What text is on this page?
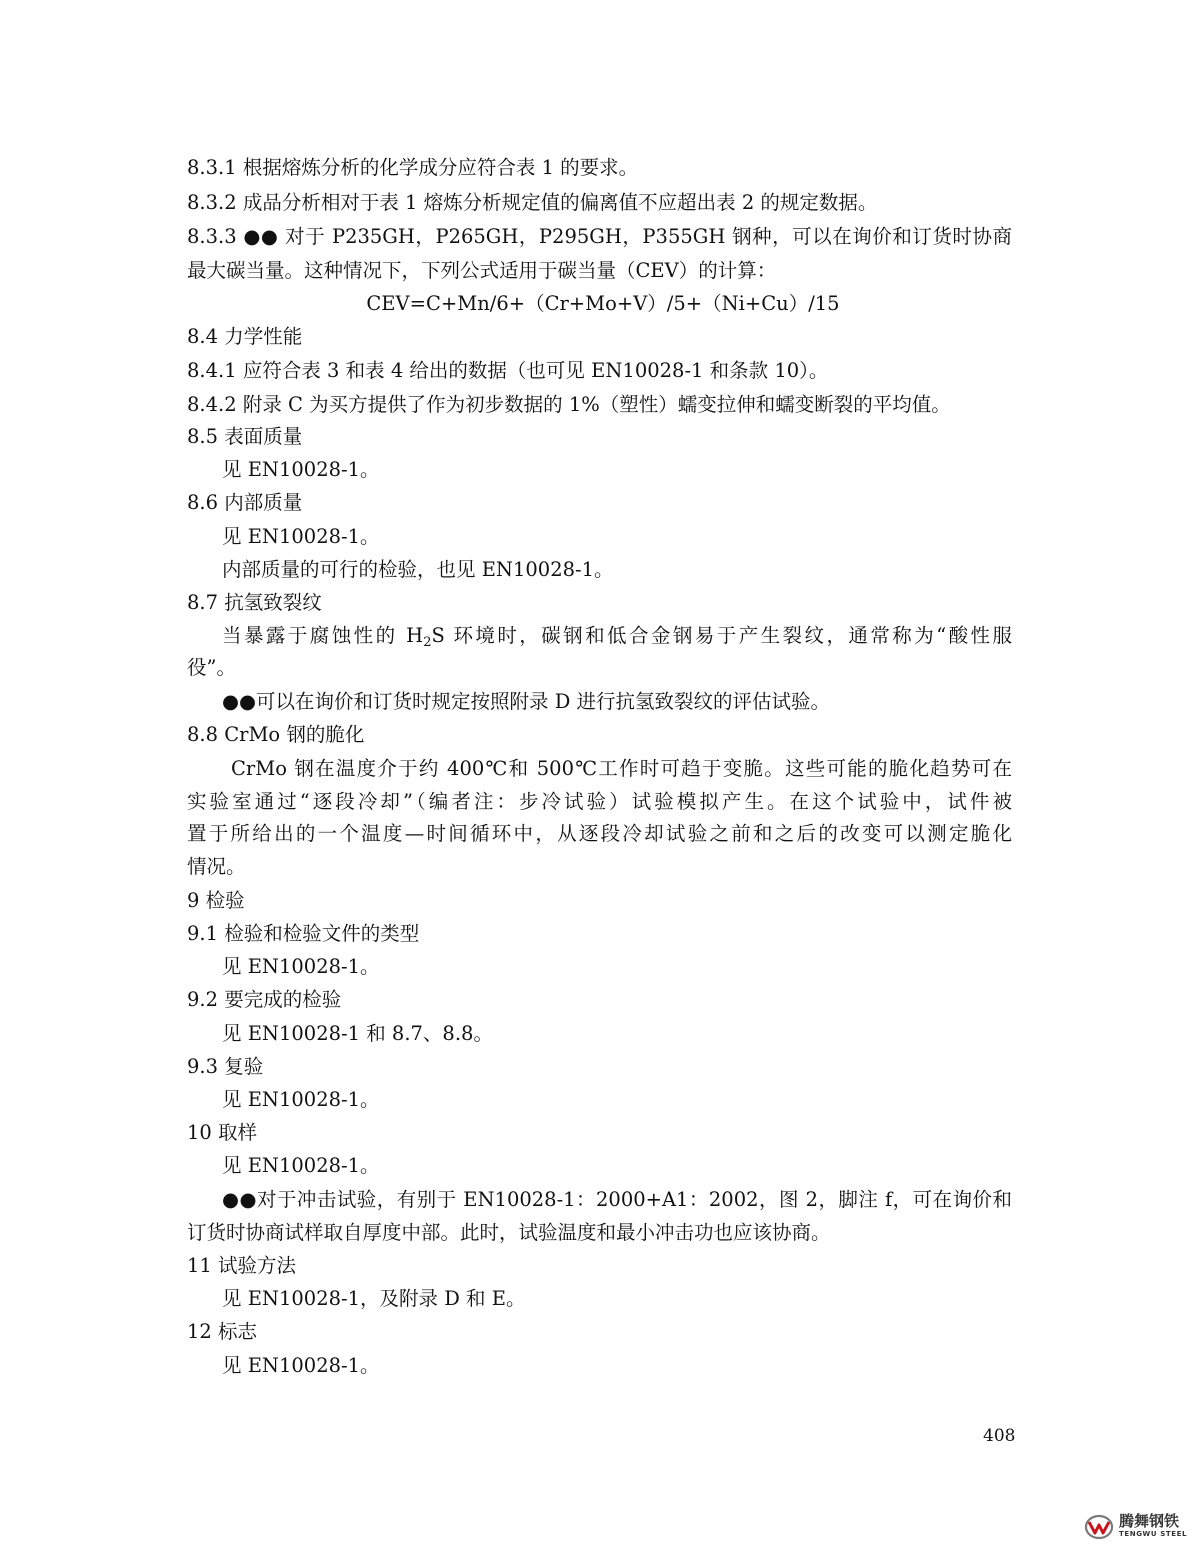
8.3.1 根据熔炼分析的化学成分应符合表 1 的要求。
8.3.2 成品分析相对于表 1 熔炼分析规定值的偏离值不应超出表 2 的规定数据。
8.3.3 ●● 对于 P235GH，P265GH，P295GH，P355GH 钢种，可以在询价和订货时协商
最大碳当量。这种情况下，下列公式适用于碳当量（CEV）的计算：
CEV=C+Mn/6+（Cr+Mo+V）/5+（Ni+Cu）/15
8.4 力学性能
8.4.1 应符合表 3 和表 4 给出的数据（也可见 EN10028-1 和条款 10）。
8.4.2 附录 C 为买方提供了作为初步数据的 1%（塑性）蠕变拉伸和蠕变断裂的平均值。
8.5 表面质量
见 EN10028-1。
8.6 内部质量
见 EN10028-1。
内部质量的可行的检验，也见 EN10028-1。
8.7 抗氢致裂纹
当暴露于腐蚀性的 $H_2S$ 环境时，碳钢和低合金钢易于产生裂纹，通常称为“酸性服
役”。
●●可以在询价和订货时规定按照附录 D 进行抗氢致裂纹的评估试验。
8.8 CrMo 钢的脆化
CrMo 钢在温度介于约 400℃和 500℃工作时可趋于变脆。这些可能的脆化趋势可在
实验室通过“逐段冷却”（编者注：步冷试验）试验模拟产生。在这个试验中，试件被
置于所给出的一个温度—时间循环中，从逐段冷却试验之前和之后的改变可以测定脆化
情况。
9 检验
9.1 检验和检验文件的类型
见 EN10028-1。
9.2 要完成的检验
见 EN10028-1 和 8.7、8.8。
9.3 复验
见 EN10028-1。
10 取样
见 EN10028-1。
●●对于冲击试验，有别于 EN10028-1：2000+A1：2002，图 2，脚注 f，可在询价和
订货时协商试样取自厚度中部。此时，试验温度和最小冲击功也应该协商。
11 试验方法
见 EN10028-1，及附录 D 和 E。
12 标志
见 EN10028-1。
408
腾舞钢铁
TENGWU STEEL
